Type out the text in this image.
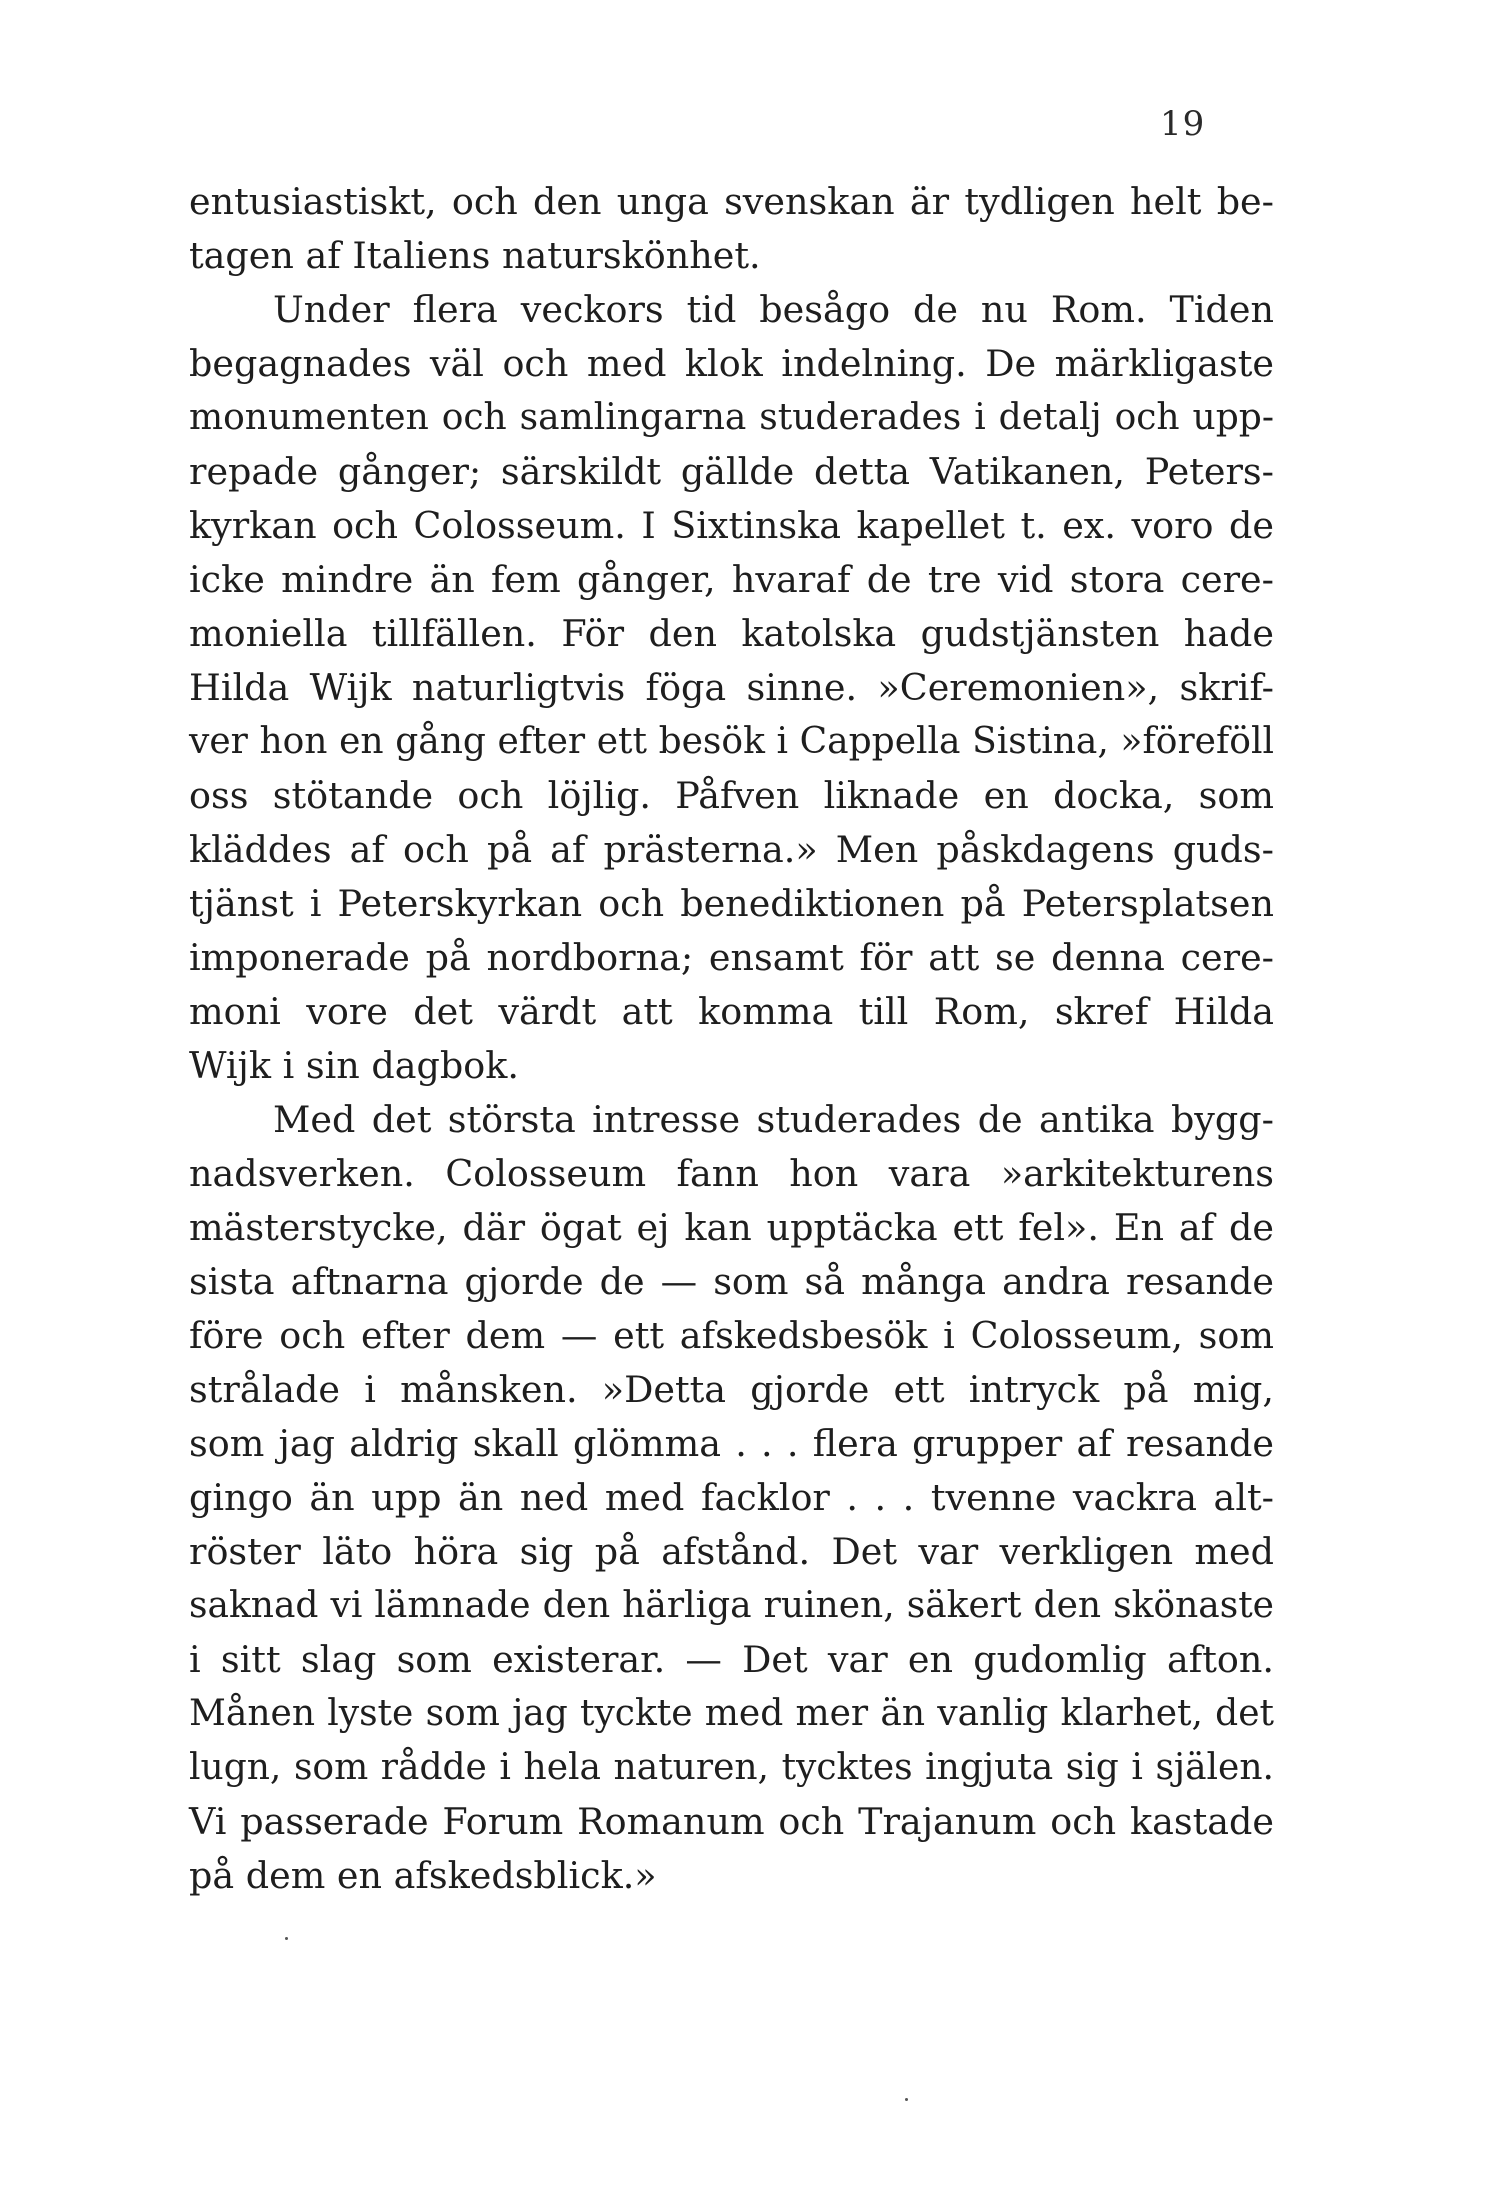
19

entusiastiskt, och den unga svenskan är tydligen helt be-
tagen af Italiens naturskönhet.

Under flera veckors tid besågo de nu Rom. Tiden
begagnades väl och med klok indelning. De märkligaste
monumenten och samlingarna studerades i detalj och upp-
repade gånger; särskildt gällde detta Vatikanen, Peters-
kyrkan och Colosseum. I Sixtinska kapellet t. ex. voro de
icke mindre än fem gånger, hvaraf de tre vid stora cere-
moniella tillfällen. För den katolska gudstjänsten hade
Hilda Wijk naturligtvis föga sinne. »Ceremonien», skrif-
ver hon en gång efter ett besök i Cappella Sistina, »föreföll
oss stötande och löjlig. Påfven liknade en docka, som
kläddes af och på af prästerna.» Men påskdagens guds-
tjänst i Peterskyrkan och benediktionen på Petersplatsen
imponerade på nordborna; ensamt för att se denna cere-
moni vore det värdt att komma till Rom, skref Hilda
Wijk i sin dagbok.

Med det största intresse studerades de antika bygg-
nadsverken. Colosseum fann hon vara »arkitekturens
mästerstycke, där ögat ej kan upptäcka ett fel». En af de
sista aftnarna gjorde de — som så många andra resande
före och efter dem — ett afskedsbesök i Colosseum, som
strålade i månsken. »Detta gjorde ett intryck på mig,
som jag aldrig skall glömma . . . flera grupper af resande
gingo än upp än ned med facklor . . . tvenne vackra alt-
röster läto höra sig på afstånd. Det var verkligen med
saknad vi lämnade den härliga ruinen, säkert den skönaste
i sitt slag som existerar. — Det var en gudomlig afton.
Månen lyste som jag tyckte med mer än vanlig klarhet, det
lugn, som rådde i hela naturen, tycktes ingjuta sig i själen.
Vi passerade Forum Romanum och Trajanum och kastade
på dem en afskedsblick.»
